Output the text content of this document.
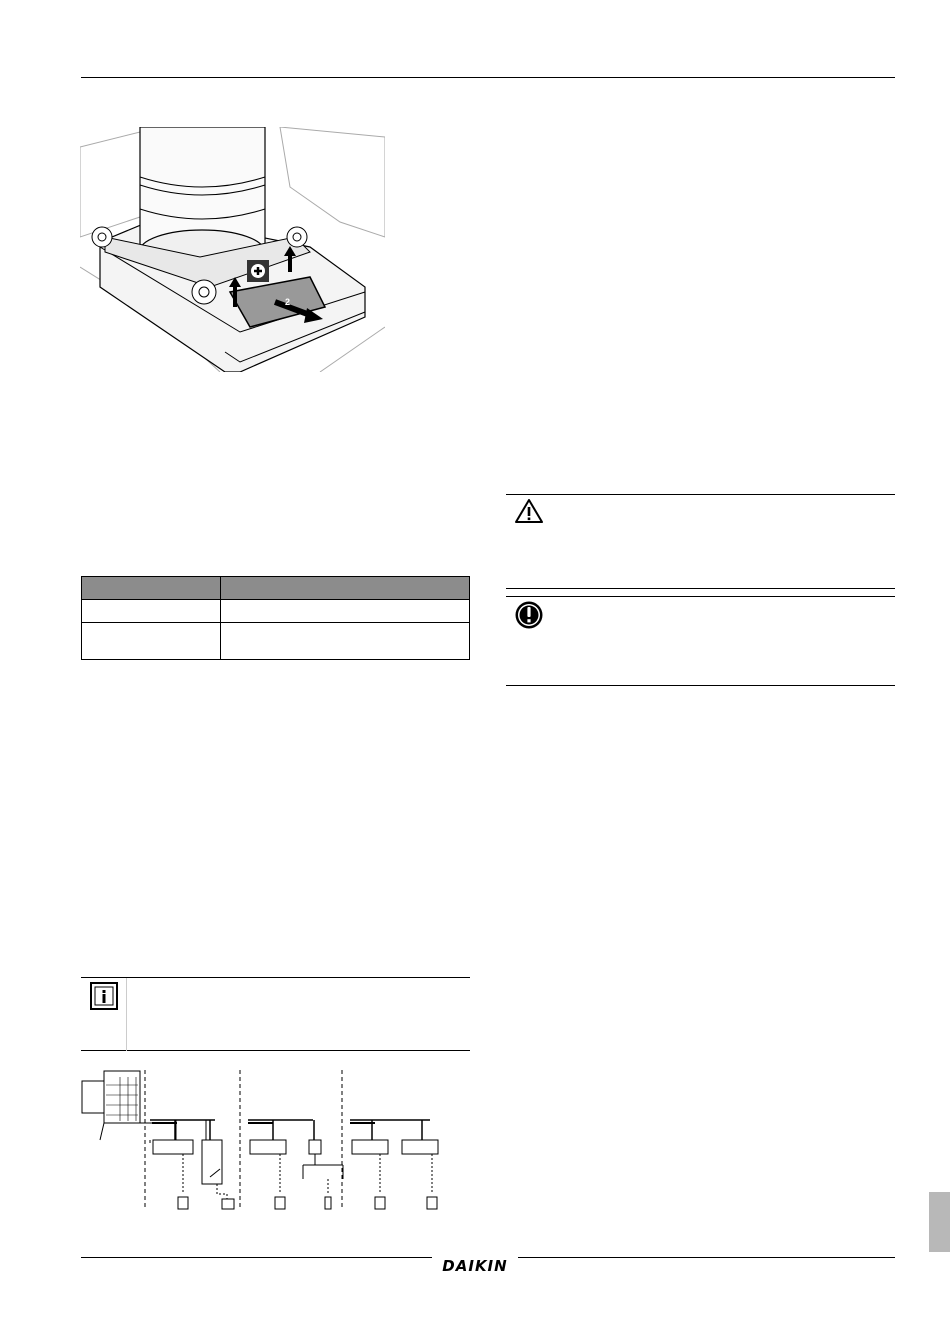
2

DAIKIN
